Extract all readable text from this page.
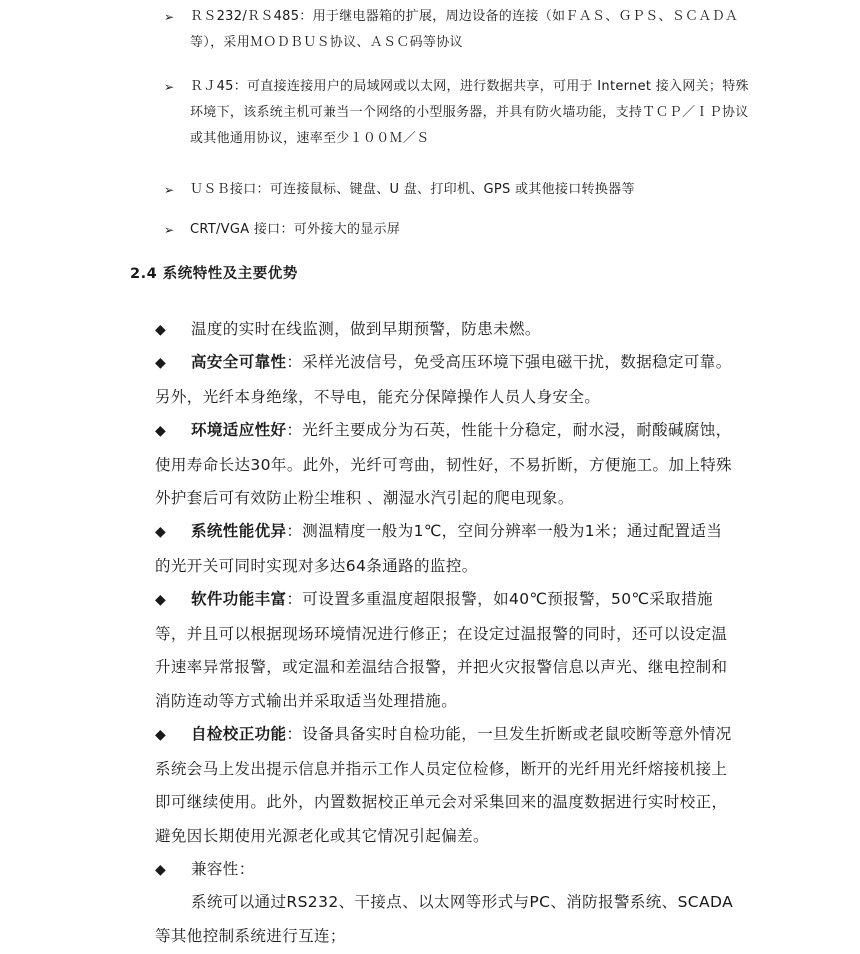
➢ ＲＳ232/ＲＳ485：用于继电器箱的扩展，周边设备的连接（如ＦＡＳ、ＧＰＳ、ＳＣＡＤＡ等），采用ＭＯＤＢＵＳ协议、ＡＳＣ码等协议
➢ ＲＪ45：可直接连接用户的局域网或以太网，进行数据共享，可用于 Internet 接入网关；特殊环境下，该系统主机可兼当一个网络的小型服务器，并具有防火墙功能，支持ＴＣＰ／ＩＰ协议或其他通用协议，速率至少１００Ｍ／Ｓ
➢ ＵＳＢ接口：可连接鼠标、键盘、U 盘、打印机、GPS 或其他接口转换器等
➢ CRT/VGA 接口：可外接大的显示屏
2.4 系统特性及主要优势
◆ 温度的实时在线监测，做到早期预警，防患未燃。
◆ 高安全可靠性：采样光波信号，免受高压环境下强电磁干扰，数据稳定可靠。 另外，光纤本身绝缘，不导电，能充分保障操作人员人身安全。
◆ 环境适应性好：光纤主要成分为石英，性能十分稳定，耐水浸，耐酸碱腐蚀，使用寿命长达30年。此外，光纤可弯曲，韧性好，不易折断，方便施工。加上特殊外护套后可有效防止粉尘堆积 、潮湿水汽引起的爬电现象。
◆ 系统性能优异：测温精度一般为1℃，空间分辨率一般为1米；通过配置适当的光开关可同时实现对多达64条通路的监控。
◆ 软件功能丰富：可设置多重温度超限报警，如40℃预报警，50℃采取措施等，并且可以根据现场环境情况进行修正；在设定过温报警的同时，还可以设定温升速率异常报警，或定温和差温结合报警，并把火灾报警信息以声光、继电控制和消防连动等方式输出并采取适当处理措施。
◆ 自检校正功能：设备具备实时自检功能，一旦发生折断或老鼠咬断等意外情况系统会马上发出提示信息并指示工作人员定位检修，断开的光纤用光纤熔接机接上即可继续使用。此外，内置数据校正单元会对采集回来的温度数据进行实时校正，避免因长期使用光源老化或其它情况引起偏差。
◆ 兼容性：
系统可以通过RS232、干接点、以太网等形式与PC、消防报警系统、SCADA等其他控制系统进行互连；
